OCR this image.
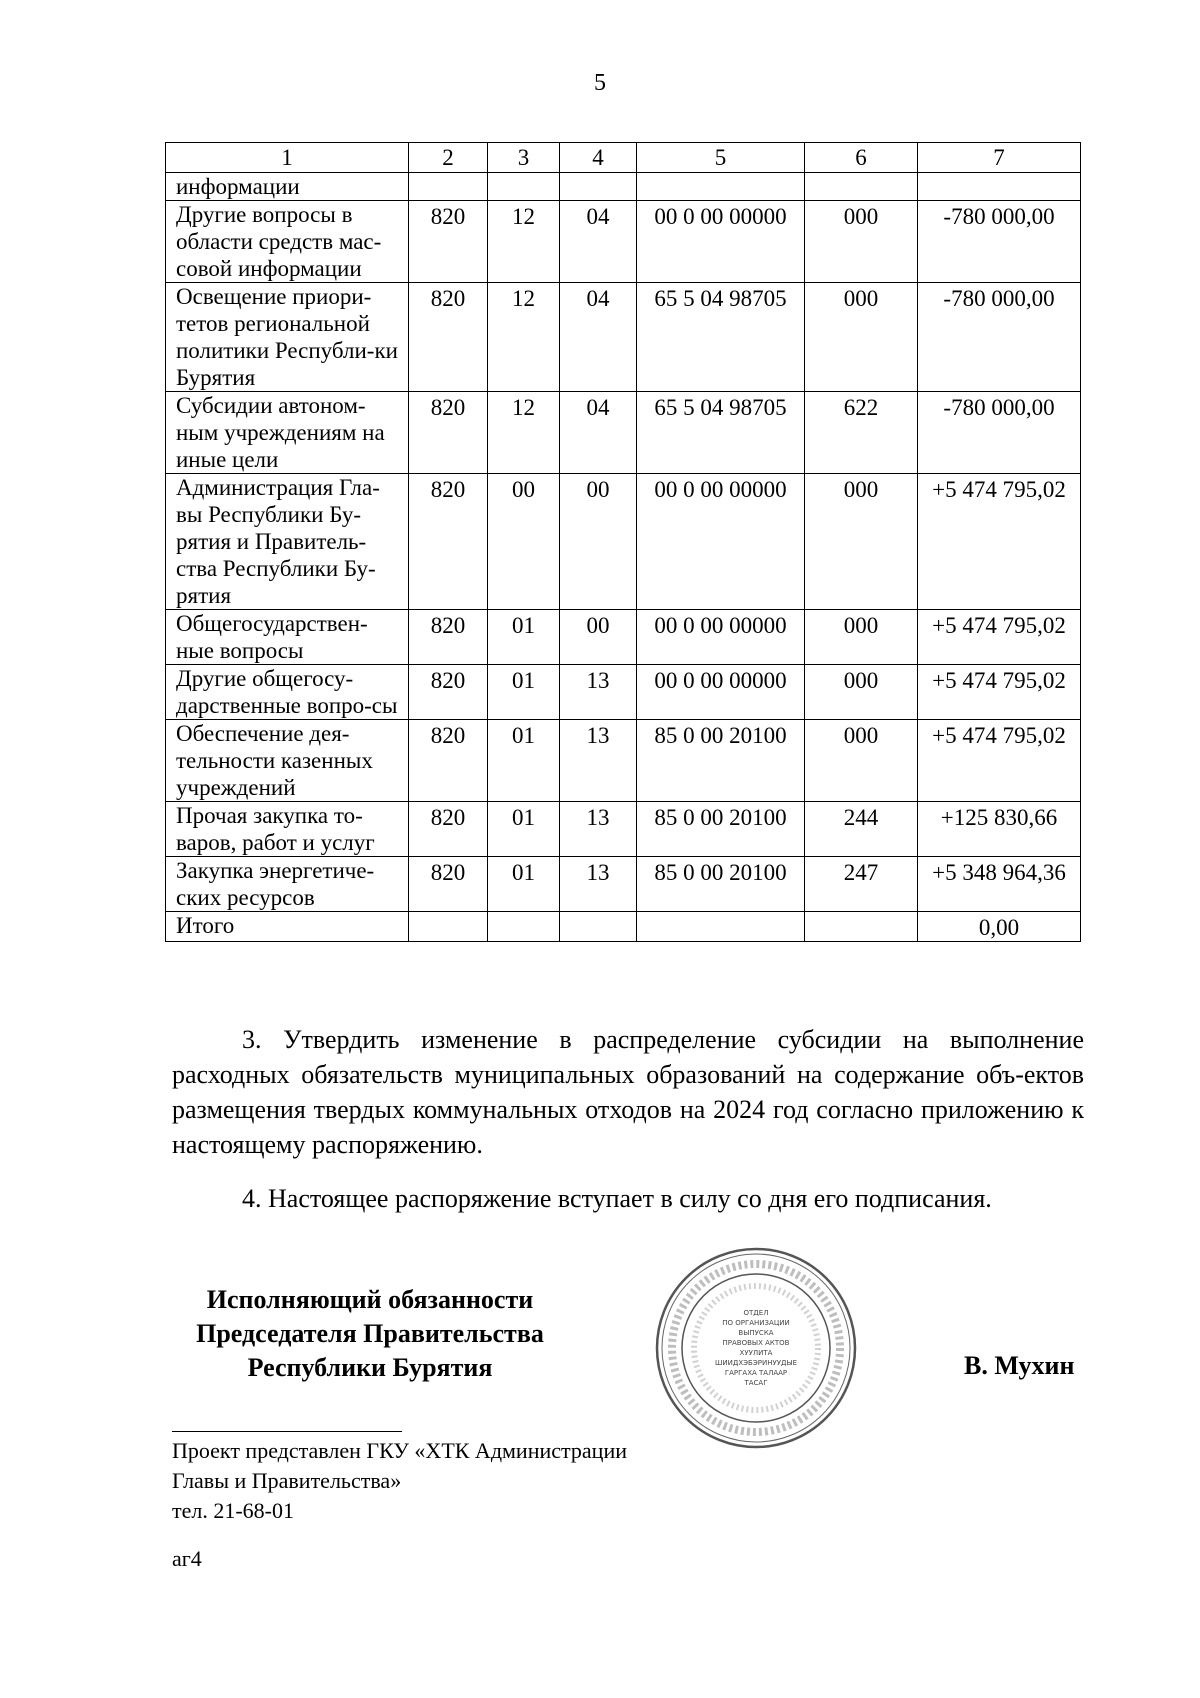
5
1	2	3	4	5	6	7
информации						
Другие вопросы в области средств мас-совой информации	820	12	04	00 0 00 00000	000	-780 000,00
Освещение приори-тетов региональной политики Республи-ки Бурятия	820	12	04	65 5 04 98705	000	-780 000,00
Субсидии автоном-ным учреждениям на иные цели	820	12	04	65 5 04 98705	622	-780 000,00
Администрация Гла-вы Республики Бу-рятия и Правитель-ства Республики Бу-рятия	820	00	00	00 0 00 00000	000	+5 474 795,02
Общегосударствен-ные вопросы	820	01	00	00 0 00 00000	000	+5 474 795,02
Другие общегосу-дарственные вопро-сы	820	01	13	00 0 00 00000	000	+5 474 795,02
Обеспечение дея-тельности казенных учреждений	820	01	13	85 0 00 20100	000	+5 474 795,02
Прочая закупка то-варов, работ и услуг	820	01	13	85 0 00 20100	244	+125 830,66
Закупка энергетиче-ских ресурсов	820	01	13	85 0 00 20100	247	+5 348 964,36
Итого						0,00
3. Утвердить изменение в распределение субсидии на выполнение расходных обязательств муниципальных образований на содержание объ-ектов размещения твердых коммунальных отходов на 2024 год согласно приложению к настоящему распоряжению.
4. Настоящее распоряжение вступает в силу со дня его подписания.
Исполняющий обязанности
Председателя Правительства
Республики Бурятия
ОТДЕЛ
ПО ОРГАНИЗАЦИИ
ВЫПУСКА
ПРАВОВЫХ АКТОВ
ХУУЛИТА
ШИИДХЭБЭРИНУУДЫЕ
ГАРГАХА ТАЛААР
ТАСАГ
В. Мухин
Проект представлен ГКУ «ХТК Администрации
Главы и Правительства»
тел. 21-68-01
аг4
